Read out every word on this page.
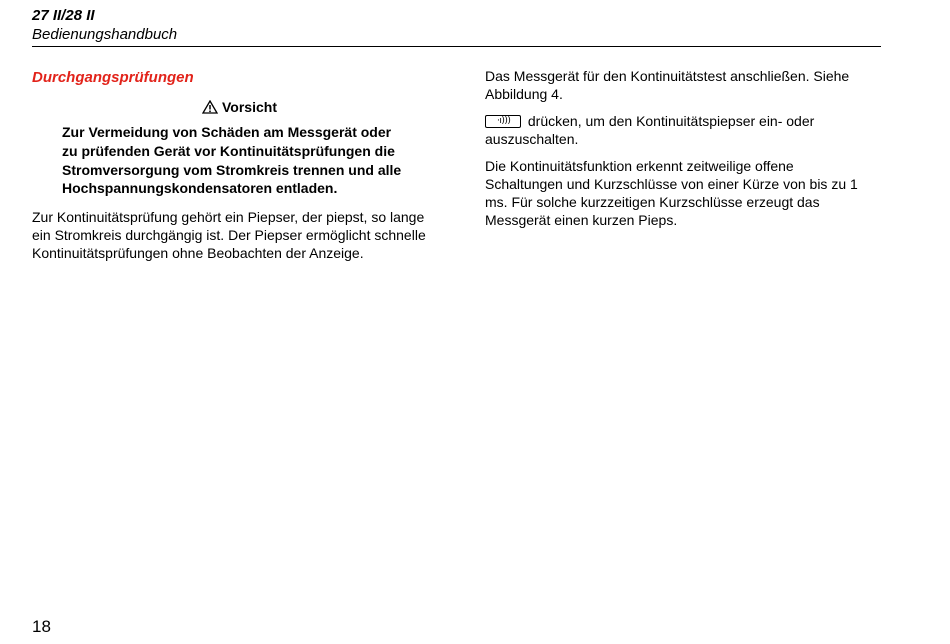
27 II/28 II
Bedienungshandbuch
Durchgangsprüfungen
Vorsicht
Zur Vermeidung von Schäden am Messgerät oder zu prüfenden Gerät vor Kontinuitätsprüfungen die Stromversorgung vom Stromkreis trennen und alle Hochspannungskondensatoren entladen.

Zur Kontinuitätsprüfung gehört ein Piepser, der piepst, so lange ein Stromkreis durchgängig ist. Der Piepser ermöglicht schnelle Kontinuitätsprüfungen ohne Beobachten der Anzeige.

Das Messgerät für den Kontinuitätstest anschließen. Siehe Abbildung 4.

·ı))) drücken, um den Kontinuitätspiepser ein- oder auszuschalten.

Die Kontinuitätsfunktion erkennt zeitweilige offene Schaltungen und Kurzschlüsse von einer Kürze von bis zu 1 ms. Für solche kurzzeitigen Kurzschlüsse erzeugt das Messgerät einen kurzen Pieps.

18
